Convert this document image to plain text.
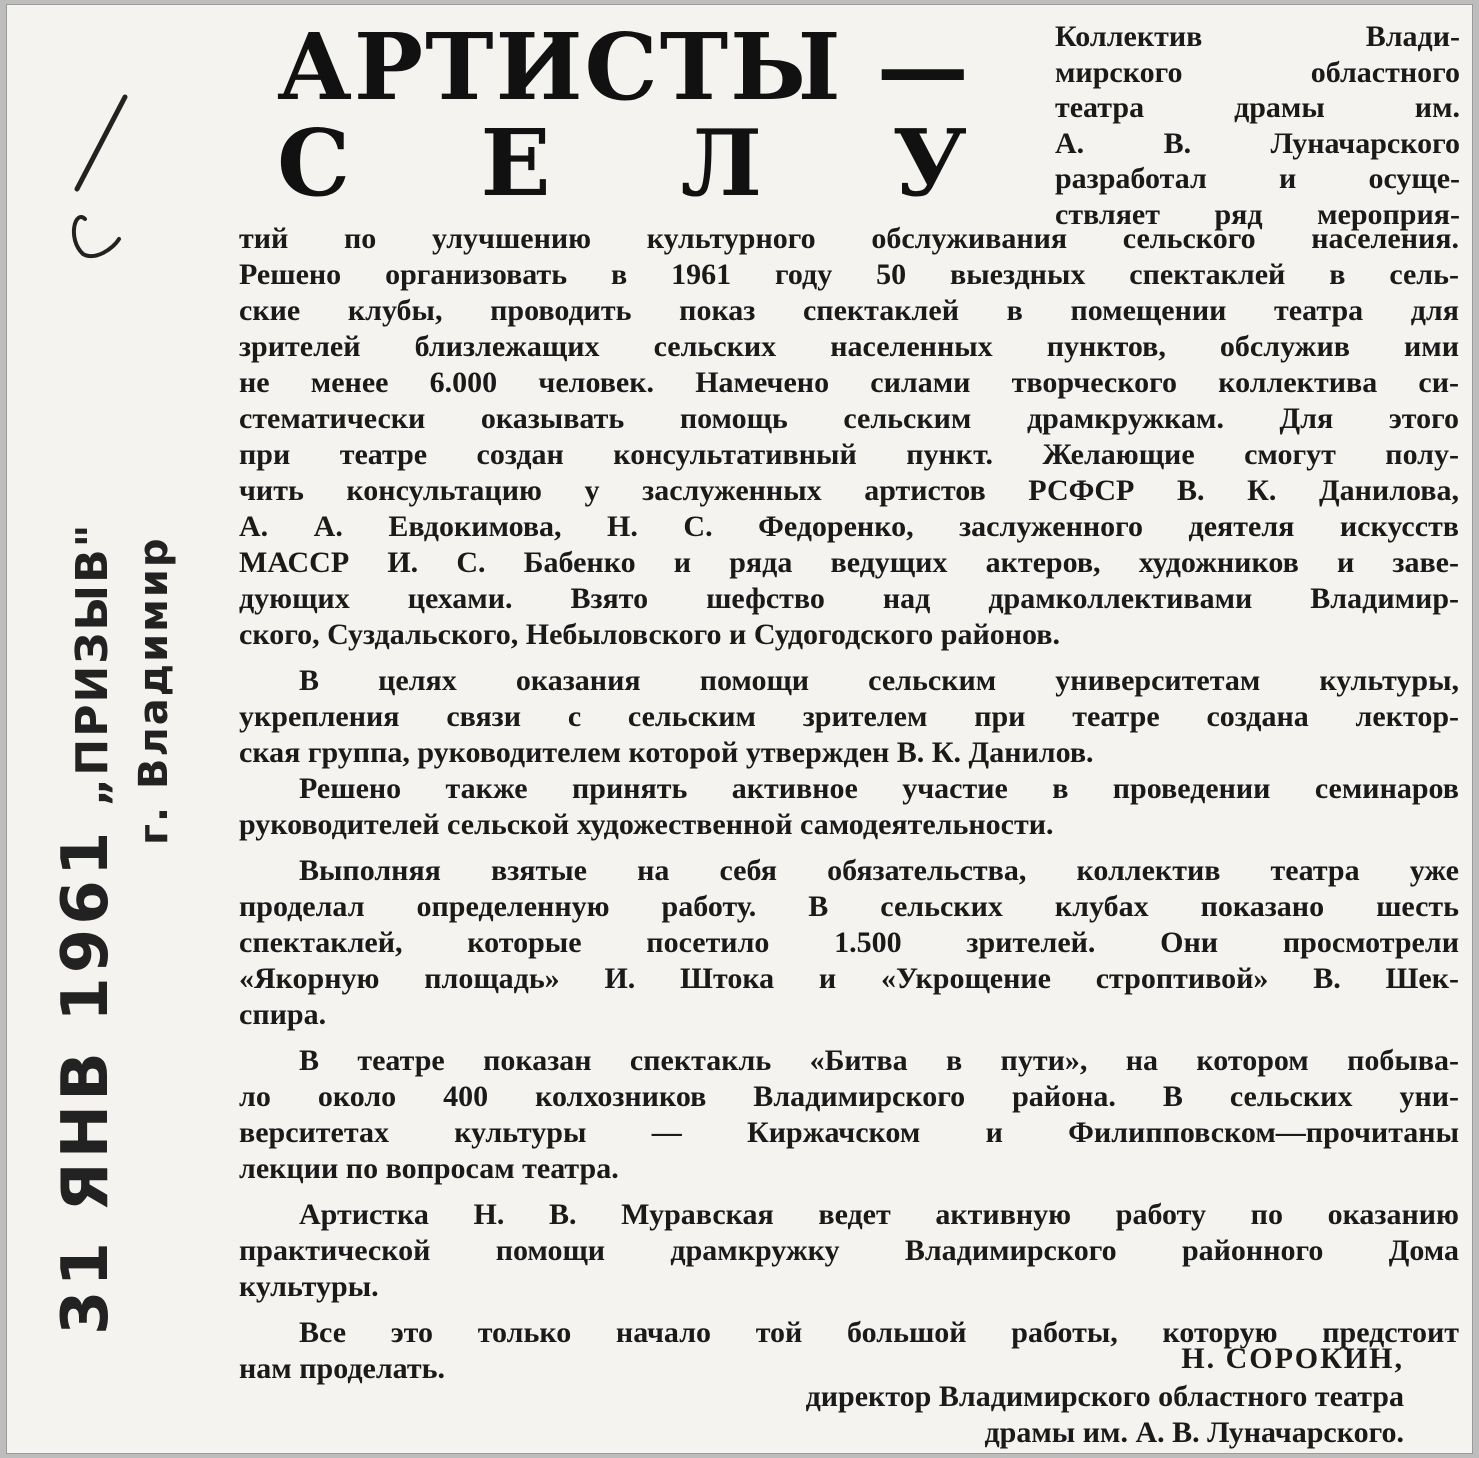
АРТИСТЫ —
С Е Л У
Коллектив Влади-
мирского областного
театра драмы им.
А. В. Луначарского
разработал и осуще-
ствляет ряд мероприя-
тий по улучшению культурного обслуживания сельского населения.
Решено организовать в 1961 году 50 выездных спектаклей в сель-
ские клубы, проводить показ спектаклей в помещении театра для
зрителей близлежащих сельских населенных пунктов, обслужив ими
не менее 6.000 человек. Намечено силами творческого коллектива си-
стематически оказывать помощь сельским драмкружкам. Для этого
при театре создан консультативный пункт. Желающие смогут полу-
чить консультацию у заслуженных артистов РСФСР В. К. Данилова,
А. А. Евдокимова, Н. С. Федоренко, заслуженного деятеля искусств
МАССР И. С. Бабенко и ряда ведущих актеров, художников и заве-
дующих цехами. Взято шефство над драмколлективами Владимир-
ского, Суздальского, Небыловского и Судогодского районов.
В целях оказания помощи сельским университетам культуры,
укрепления связи с сельским зрителем при театре создана лектор-
ская группа, руководителем которой утвержден В. К. Данилов.
Решено также принять активное участие в проведении семинаров
руководителей сельской художественной самодеятельности.
Выполняя взятые на себя обязательства, коллектив театра уже
проделал определенную работу. В сельских клубах показано шесть
спектаклей, которые посетило 1.500 зрителей. Они просмотрели
«Якорную площадь» И. Штока и «Укрощение строптивой» В. Шек-
спира.
В театре показан спектакль «Битва в пути», на котором побыва-
ло около 400 колхозников Владимирского района. В сельских уни-
верситетах культуры — Киржачском и Филипповском—прочитаны
лекции по вопросам театра.
Артистка Н. В. Муравская ведет активную работу по оказанию
практической помощи драмкружку Владимирского районного Дома
культуры.
Все это только начало той большой работы, которую предстоит
нам проделать.	Н. СОРОКИН,
директор Владимирского областного театра
драмы им. А. В. Луначарского.
31 ЯНВ 1961 „ПРИЗЫВ" г. Владимир
